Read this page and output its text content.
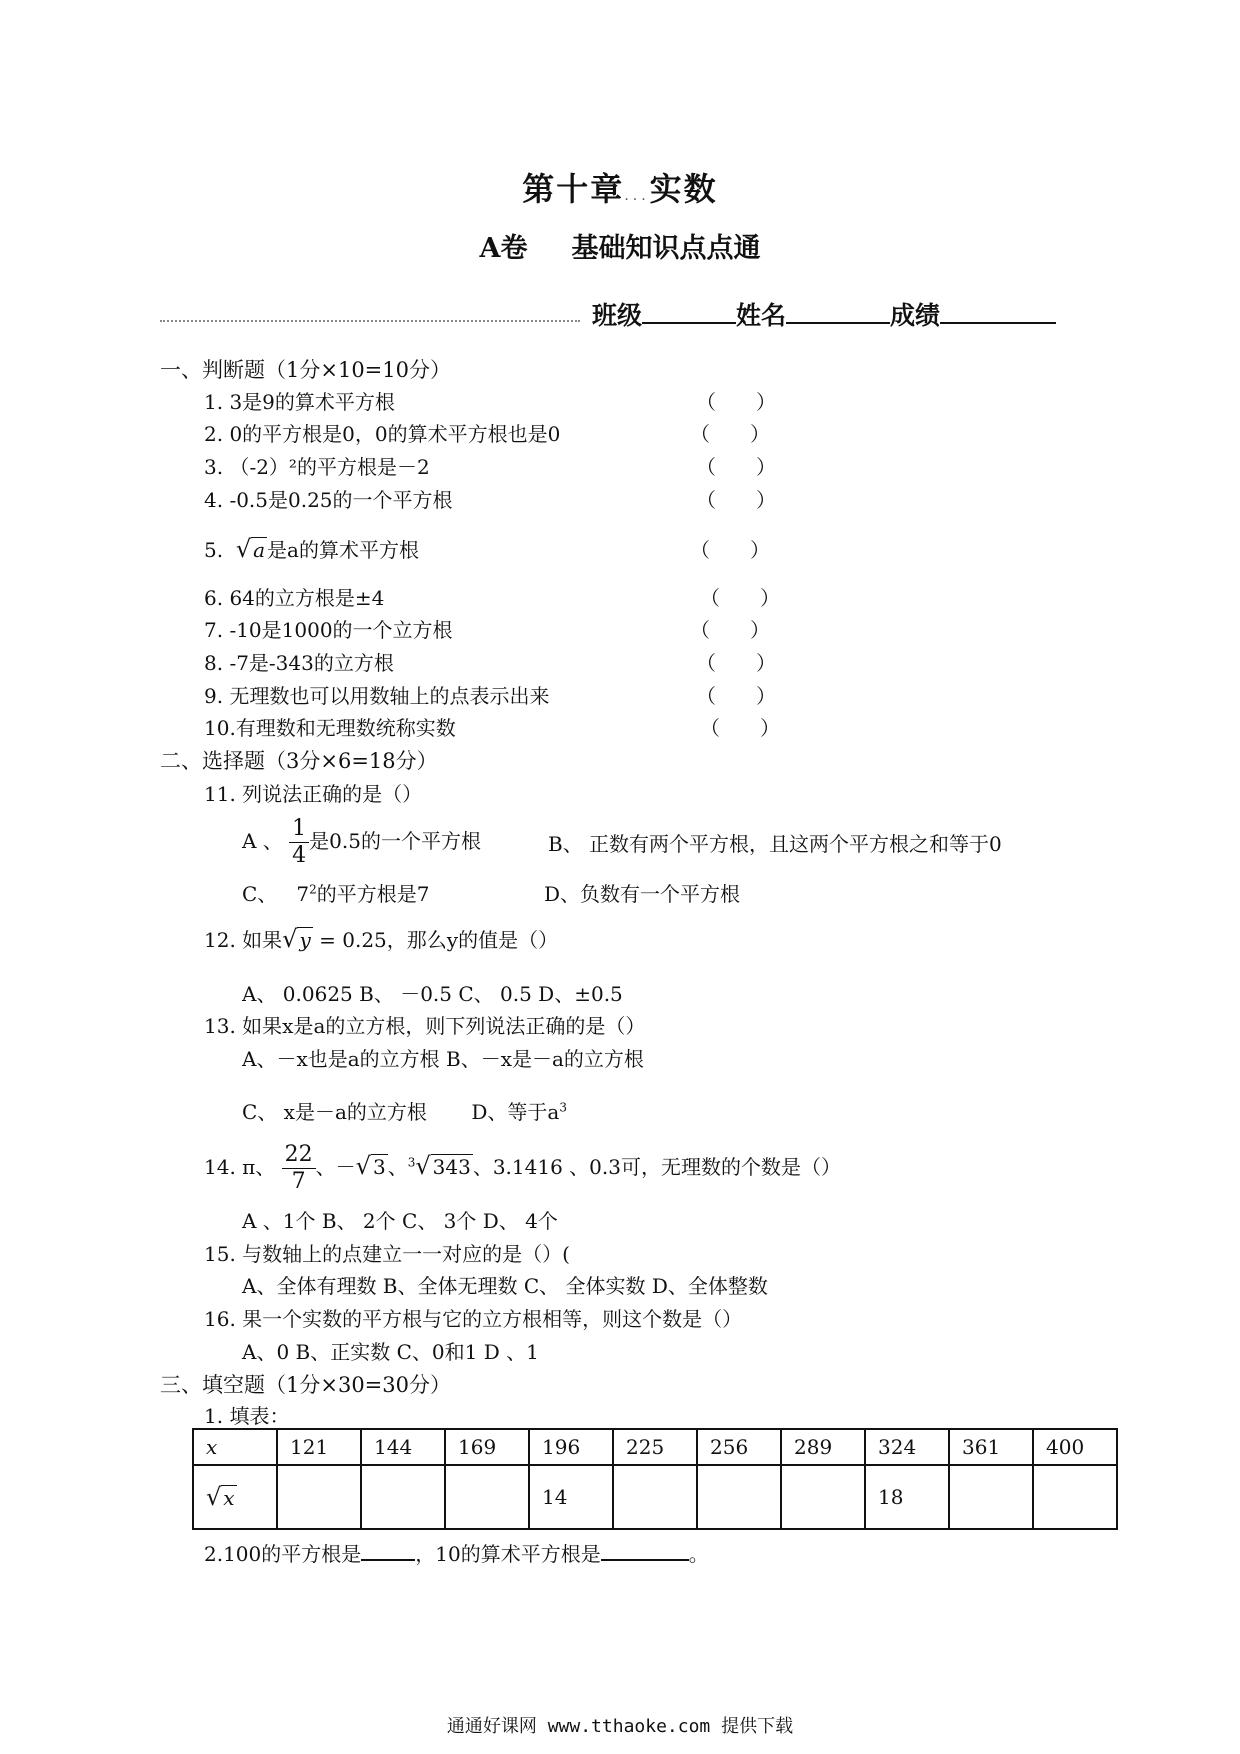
第十章...实数
A卷 基础知识点点通
班级	姓名	成绩
一、判断题（1分×10=10分）
1. 3是9的算术平方根	（　　）
2. 0的平方根是0，0的算术平方根也是0	（　　）
3. （-2）²的平方根是－2	（　　）
4. -0.5是0.25的一个平方根	（　　）
5. √ a 是a的算术平方根	（　　）
6. 64的立方根是±4	（　　）
7. -10是1000的一个立方根	（　　）
8. -7是-343的立方根	（　　）
9. 无理数也可以用数轴上的点表示出来	（　　）
10.有理数和无理数统称实数	（　　）
二、选择题（3分×6=18分）
11. 列说法正确的是（）
A 、 $\frac{1}{4}$ 是0.5的一个平方根	B、 正数有两个平方根，且这两个平方根之和等于0
C、 $7^2$的平方根是7	D、负数有一个平方根
12. 如果√ y = 0.25，那么y的值是（）
A、 0.0625 B、 －0.5 C、 0.5 D、±0.5
13. 如果x是a的立方根，则下列说法正确的是（）
A、－x也是a的立方根 B、－x是－a的立方根
C、 x是－a的立方根 D、等于$a^3$
14. π、 $\frac{22}{7}$ 、－√ 3 、$^3$√ 343 、3.1416 、0.3可，无理数的个数是（）
A 、1个 B、 2个 C、 3个 D、 4个
15. 与数轴上的点建立一一对应的是（）(
A、全体有理数 B、全体无理数 C、 全体实数 D、全体整数
16. 果一个实数的平方根与它的立方根相等，则这个数是（）
A、0 B、正实数 C、0和1 D 、1
三、填空题（1分×30=30分）
1. 填表：
x	121	144	169	196	225	256	289	324	361	400
√ x				14				18		
2.100的平方根是	，10的算术平方根是	。
通通好课网 www.tthaoke.com 提供下载
